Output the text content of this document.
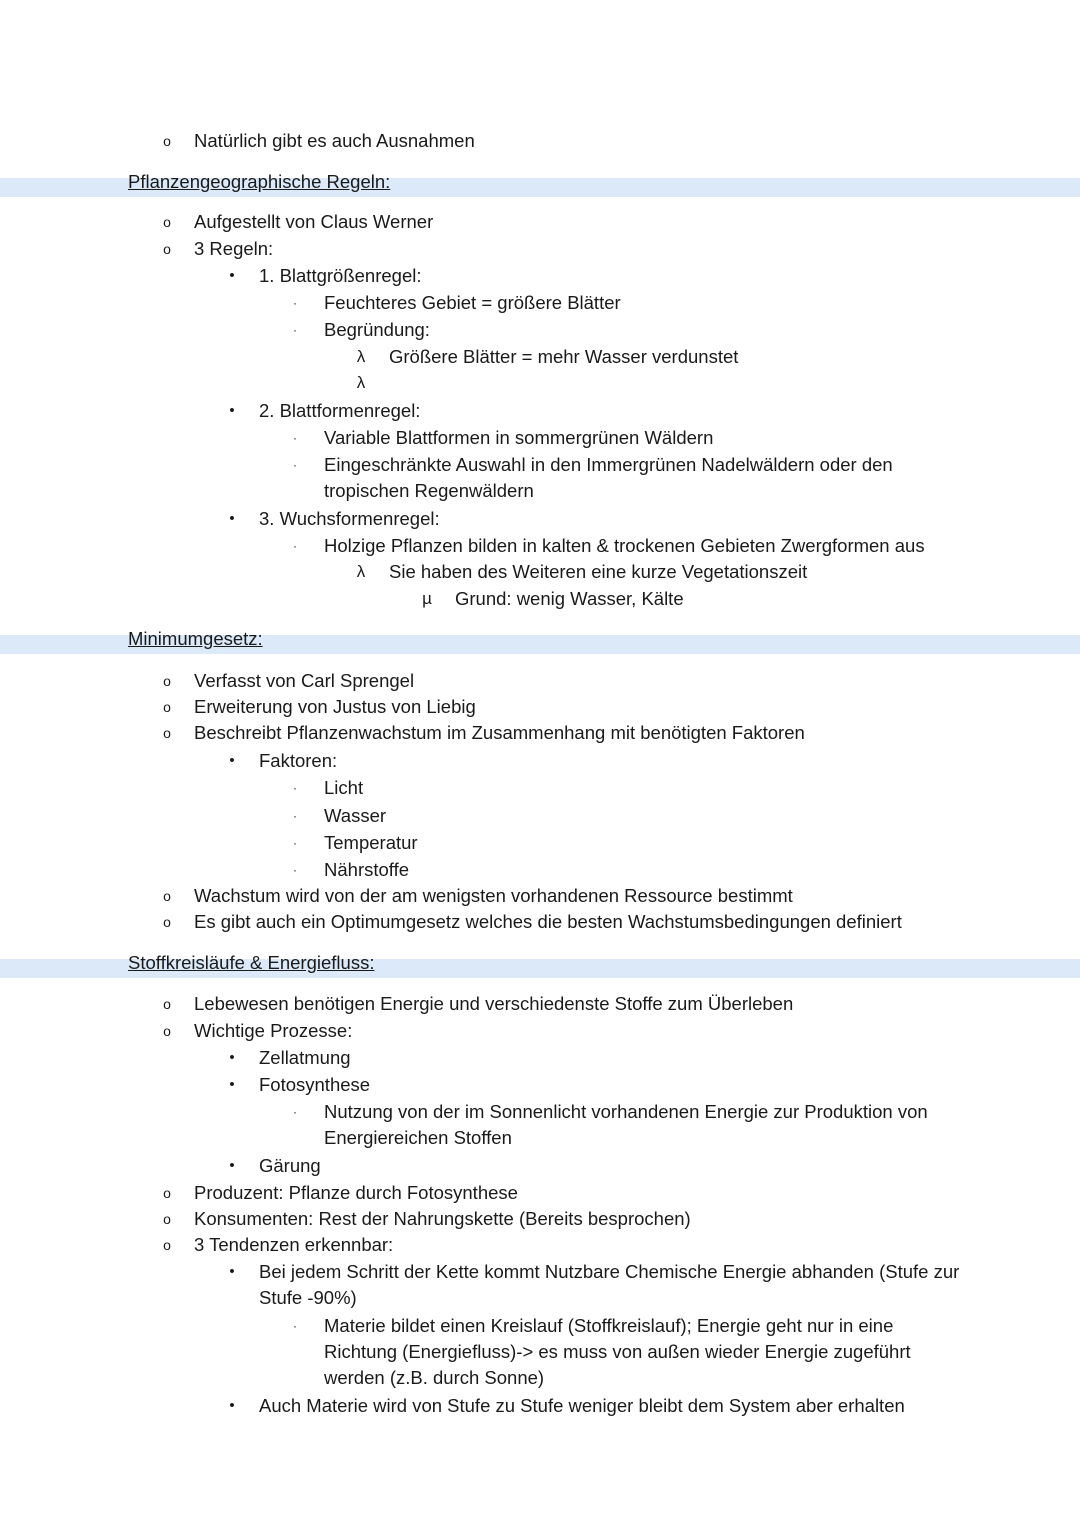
Pflanzengeographische Regeln:
Minimumgesetz:
Stoffkreisläufe & Energiefluss:
o Natürlich gibt es auch Ausnahmen
o Aufgestellt von Claus Werner
o 3 Regeln:
• 1. Blattgrößenregel:
·	Feuchteres Gebiet = größere Blätter
·	Begründung:
λ Größere Blätter = mehr Wasser verdunstet
λ
• 2. Blattformenregel:
·	Variable Blattformen in sommergrünen Wäldern
·	Eingeschränkte Auswahl in den Immergrünen Nadelwäldern oder den
tropischen Regenwäldern
• 3. Wuchsformenregel:
·	Holzige Pflanzen bilden in kalten & trockenen Gebieten Zwergformen aus
λ Sie haben des Weiteren eine kurze Vegetationszeit
µ Grund: wenig Wasser, Kälte
o Verfasst von Carl Sprengel
o Erweiterung von Justus von Liebig
o Beschreibt Pflanzenwachstum im Zusammenhang mit benötigten Faktoren
• Faktoren:
·	Licht
·	Wasser
·	Temperatur
·	Nährstoffe
o Wachstum wird von der am wenigsten vorhandenen Ressource bestimmt
o Es gibt auch ein Optimumgesetz welches die besten Wachstumsbedingungen definiert
o Lebewesen benötigen Energie und verschiedenste Stoffe zum Überleben
o Wichtige Prozesse:
• Zellatmung
• Fotosynthese
·	Nutzung von der im Sonnenlicht vorhandenen Energie zur Produktion von
Energiereichen Stoffen
• Gärung
o Produzent: Pflanze durch Fotosynthese
o Konsumenten: Rest der Nahrungskette (Bereits besprochen)
o 3 Tendenzen erkennbar:
• Bei jedem Schritt der Kette kommt Nutzbare Chemische Energie abhanden (Stufe zur
Stufe -90%)
·	Materie bildet einen Kreislauf (Stoffkreislauf); Energie geht nur in eine
Richtung (Energiefluss)-> es muss von außen wieder Energie zugeführt
werden (z.B. durch Sonne)
• Auch Materie wird von Stufe zu Stufe weniger bleibt dem System aber erhalten
